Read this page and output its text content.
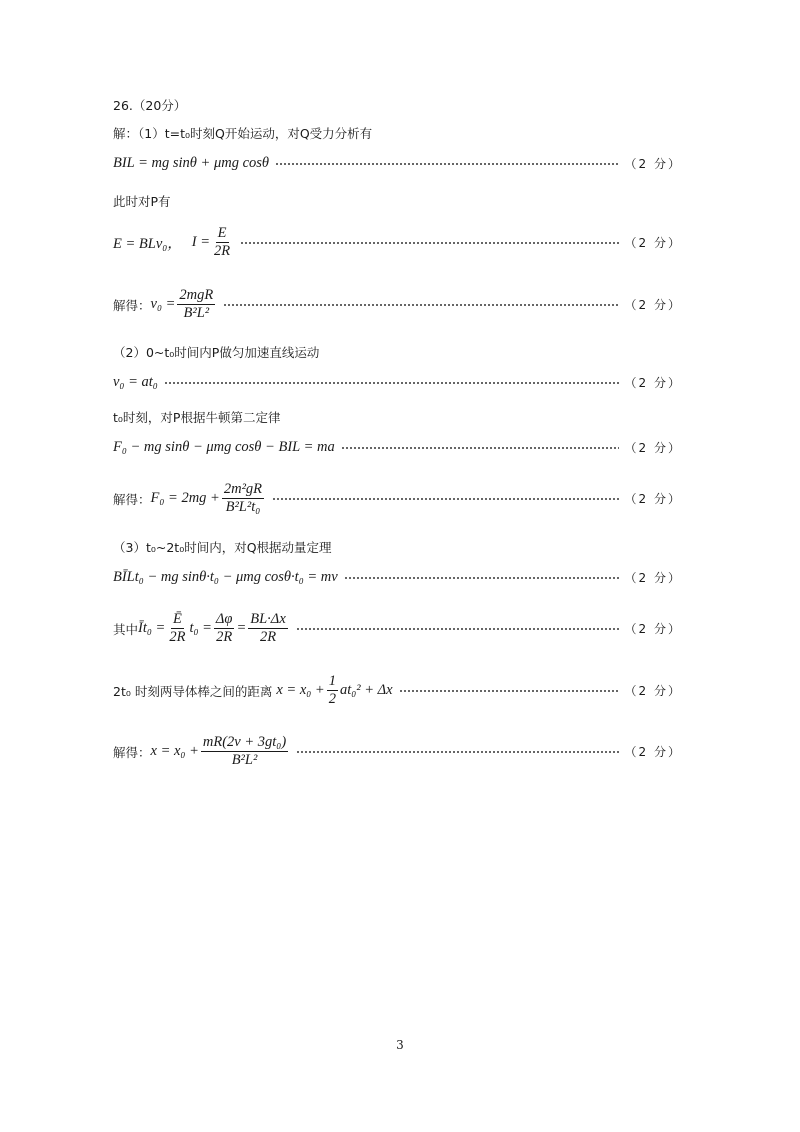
26.（20分）
解：（1）t=t₀时刻Q开始运动，对Q受力分析有
BIL = mg sinθ + μmg cosθ	（2 分）
此时对P有
E = BLv₀， $I = \frac{E}{2R}$	（2 分）
解得： $v_0 = \frac{\text{2mgR}}{\text{B²L²}}$	（2 分）
（2）0~t₀时间内P做匀加速直线运动
v₀ = at₀	（2 分）
t₀时刻，对P根据牛顿第二定律
F₀ − mg sinθ − μmg cosθ − BIL = ma	（2 分）
解得： $F_0 = 2mg + \frac{\text{2m²gR}}{\text{B²L²t₀}}$	（2 分）
（3）t₀~2t₀时间内，对Q根据动量定理
BĪLt₀ − mg sinθ·t₀ − μmg cosθ·t₀ = mv	（2 分）
其中 Īt₀ = $\frac{Ē}{2R} t_0 = \frac{\Delta\varphi}{2R} = \frac{BL\cdot\Delta x}{2R}$	（2 分）
2t₀ 时刻两导体棒之间的距离 $x = x_0 + \frac{1}{2} at_0^2 + \Delta x$	（2 分）
解得： $x = x_0 + \frac{\text{mR(2v + 3gt₀)}}{\text{B²L²}}$	（2 分）
3
